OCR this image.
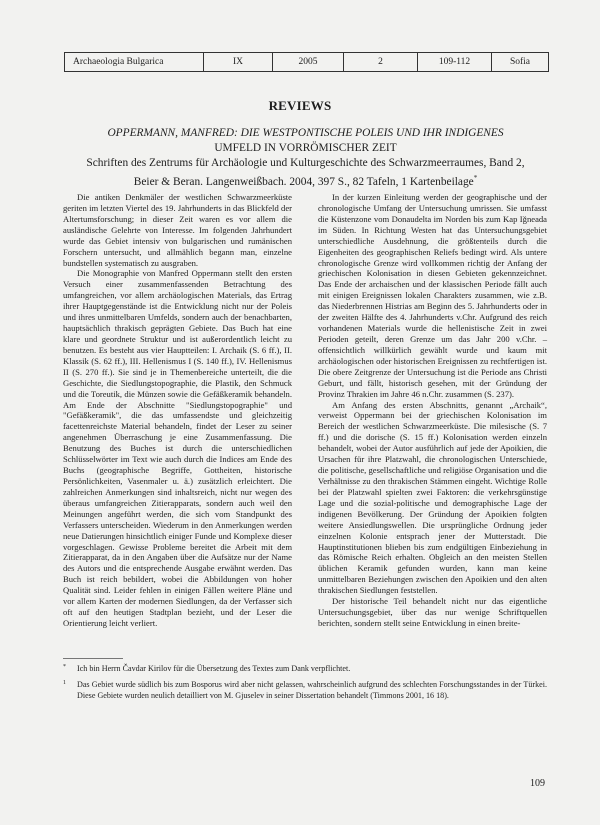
Archaeologia Bulgarica	IX	2005	2	109-112	Sofia
REVIEWS
OPPERMANN, MANFRED: DIE WESTPONTISCHE POLEIS UND IHR INDIGENES
UMFELD IN VORRÖMISCHER ZEIT
Schriften des Zentrums für Archäologie und Kulturgeschichte des Schwarzmeerraumes, Band 2,
Beier & Beran. Langenweißbach. 2004, 397 S., 82 Tafeln, 1 Kartenbeilage*

Die antiken Denkmäler der westlichen Schwarzmeerküste geriten im letzten Viertel des 19. Jahrhunderts in das Blickfeld der Altertumsforschung; in dieser Zeit waren es vor allem die ausländische Gelehrte von Interesse. Im folgenden Jahrhundert wurde das Gebiet intensiv von bulgarischen und rumänischen Forschern untersucht, und allmählich begann man, einzelne bundstellen systematisch zu ausgraben.

Die Monographie von Manfred Oppermann stellt den ersten Versuch einer zusammenfassenden Betrachtung des umfangreichen, vor allem archäologischen Materials, das Ertrag ihrer Hauptgegenstände ist die Entwicklung nicht nur der Poleis und ihres unmittelbaren Umfelds, sondern auch der benachbarten, hauptsächlich thrakisch geprägten Gebiete. Das Buch hat eine klare und geordnete Struktur und ist außerordentlich leicht zu benutzen. Es besteht aus vier Hauptteilen: I. Archaik (S. 6 ff.), II. Klassik (S. 62 ff.), III. Hellenismus I (S. 140 ff.), IV. Hellenismus II (S. 270 ff.). Sie sind je in Themenbereiche unterteilt, die die Geschichte, die Siedlungstopographie, die Plastik, den Schmuck und die Toreutik, die Münzen sowie die Gefäßkeramik behandeln. Am Ende der Abschnitte "Siedlungstopographie" und "Gefäßkeramik", die das umfassendste und gleichzeitig facettenreichste Material behandeln, findet der Leser zu seiner angenehmen Überraschung je eine Zusammenfassung. Die Benutzung des Buches ist durch die unterschiedlichen Schlüsselwörter im Text wie auch durch die Indices am Ende des Buchs (geographische Begriffe, Gottheiten, historische Persönlichkeiten, Vasenmaler u. ä.) zusätzlich erleichtert. Die zahlreichen Anmerkungen sind inhaltsreich, nicht nur wegen des überaus umfangreichen Zitierapparats, sondern auch weil den Meinungen angeführt werden, die sich vom Standpunkt des Verfassers unterscheiden. Wiederum in den Anmerkungen werden neue Datierungen hinsichtlich einiger Funde und Komplexe dieser vorgeschlagen. Gewisse Probleme bereitet die Arbeit mit dem Zitierapparat, da in den Angaben über die Aufsätze nur der Name des Autors und die entsprechende Ausgabe erwähnt werden. Das Buch ist reich bebildert, wobei die Abbildungen von hoher Qualität sind. Leider fehlen in einigen Fällen weitere Pläne und vor allem Karten der modernen Siedlungen, da der Verfasser sich oft auf den heutigen Stadtplan bezieht, und der Leser die Orientierung leicht verliert.

In der kurzen Einleitung werden der geographische und der chronologische Umfang der Untersuchung umrissen. Sie umfasst die Küstenzone vom Donaudelta im Norden bis zum Kap Iğneada im Süden. In Richtung Westen hat das Untersuchungsgebiet unterschiedliche Ausdehnung, die größtenteils durch die Eigenheiten des geographischen Reliefs bedingt wird. Als untere chronologische Grenze wird vollkommen richtig der Anfang der griechischen Kolonisation in diesen Gebieten gekennzeichnet. Das Ende der archaischen und der klassischen Periode fällt auch mit einigen Ereignissen lokalen Charakters zusammen, wie z.B. das Niederbrennen Histrias am Beginn des 5. Jahrhunderts oder in der zweiten Hälfte des 4. Jahrhunderts v.Chr. Aufgrund des reich vorhandenen Materials wurde die hellenistische Zeit in zwei Perioden geteilt, deren Grenze um das Jahr 200 v.Chr. – offensichtlich willkürlich gewählt wurde und kaum mit archäologischen oder historischen Ereignissen zu rechtfertigen ist. Die obere Zeitgrenze der Untersuchung ist die Periode ans Christi Geburt, und fällt, historisch gesehen, mit der Gründung der Provinz Thrakien im Jahre 46 n.Chr. zusammen (S. 237).

Am Anfang des ersten Abschnitts, genannt „Archaik“, verweist Oppermann bei der griechischen Kolonisation im Bereich der westlichen Schwarzmeerküste. Die milesische (S. 7 ff.) und die dorische (S. 15 ff.) Kolonisation werden einzeln behandelt, wobei der Autor ausführlich auf jede der Apoikien, die Ursachen für ihre Platzwahl, die chronologischen Unterschiede, die politische, gesellschaftliche und religiöse Organisation und die Verhältnisse zu den thrakischen Stämmen eingeht. Wichtige Rolle bei der Platzwahl spielten zwei Faktoren: die verkehrsgünstige Lage und die sozial-politische und demographische Lage der indigenen Bevölkerung. Der Gründung der Apoikien folgten weitere Ansiedlungswellen. Die ursprüngliche Ordnung jeder einzelnen Kolonie entsprach jener der Mutterstadt. Die Hauptinstitutionen blieben bis zum endgültigen Einbeziehung in das Römische Reich erhalten. Obgleich an den meisten Stellen üblichen Keramik gefunden wurden, kann man keine unmittelbaren Beziehungen zwischen den Apoikien und den alten thrakischen Siedlungen feststellen.

Der historische Teil behandelt nicht nur das eigentliche Untersuchungsgebiet, über das nur wenige Schriftquellen berichten, sondern stellt seine Entwicklung in einen breite-

* Ich bin Herrn Čavdar Kirilov für die Übersetzung des Textes zum Dank verpflichtet.
1 Das Gebiet wurde südlich bis zum Bosporus wird aber nicht gelassen, wahrscheinlich aufgrund des schlechten Forschungsstandes in der Türkei. Diese Gebiete wurden neulich detailliert von M. Gjuselev in seiner Dissertation behandelt (Timmons 2001, 16 18).
109
